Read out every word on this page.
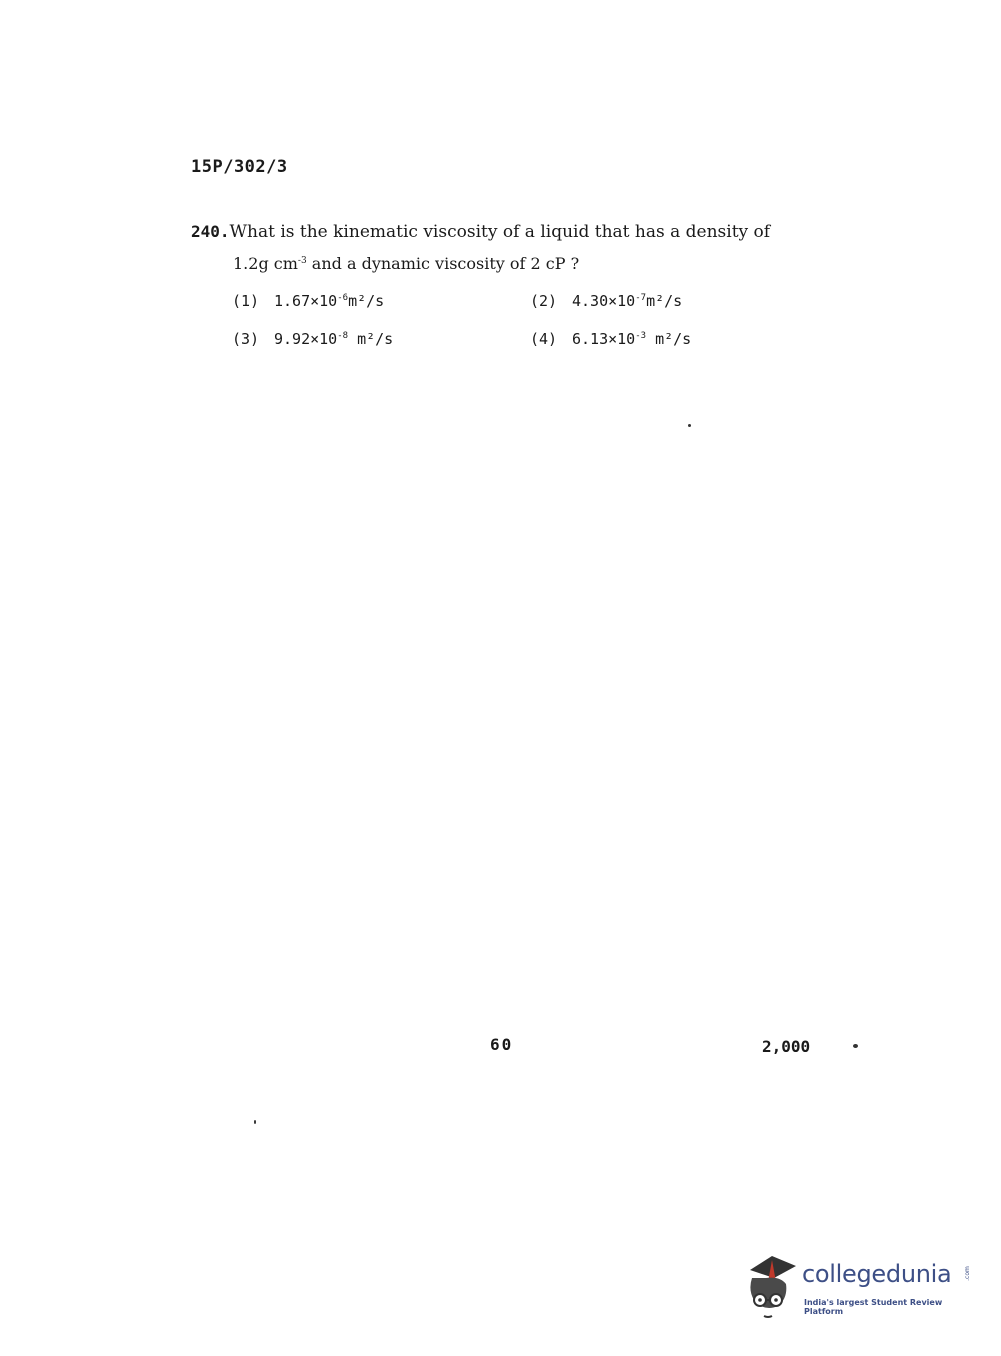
15P/302/3
240.What is the kinematic viscosity of a liquid that has a density of
1.2g $cm^{-3}$ and a dynamic viscosity of 2 cP ?
(1) $1.67\times 10^{-6}m^2/s$	(2) $4.30\times 10^{-7}m^2/s$
(3) $9.92\times 10^{-8}$ m²/s	(4) $6.13\times 10^{-3}$ m²/s
60	2,000
collegedunia .com
India's largest Student Review Platform
